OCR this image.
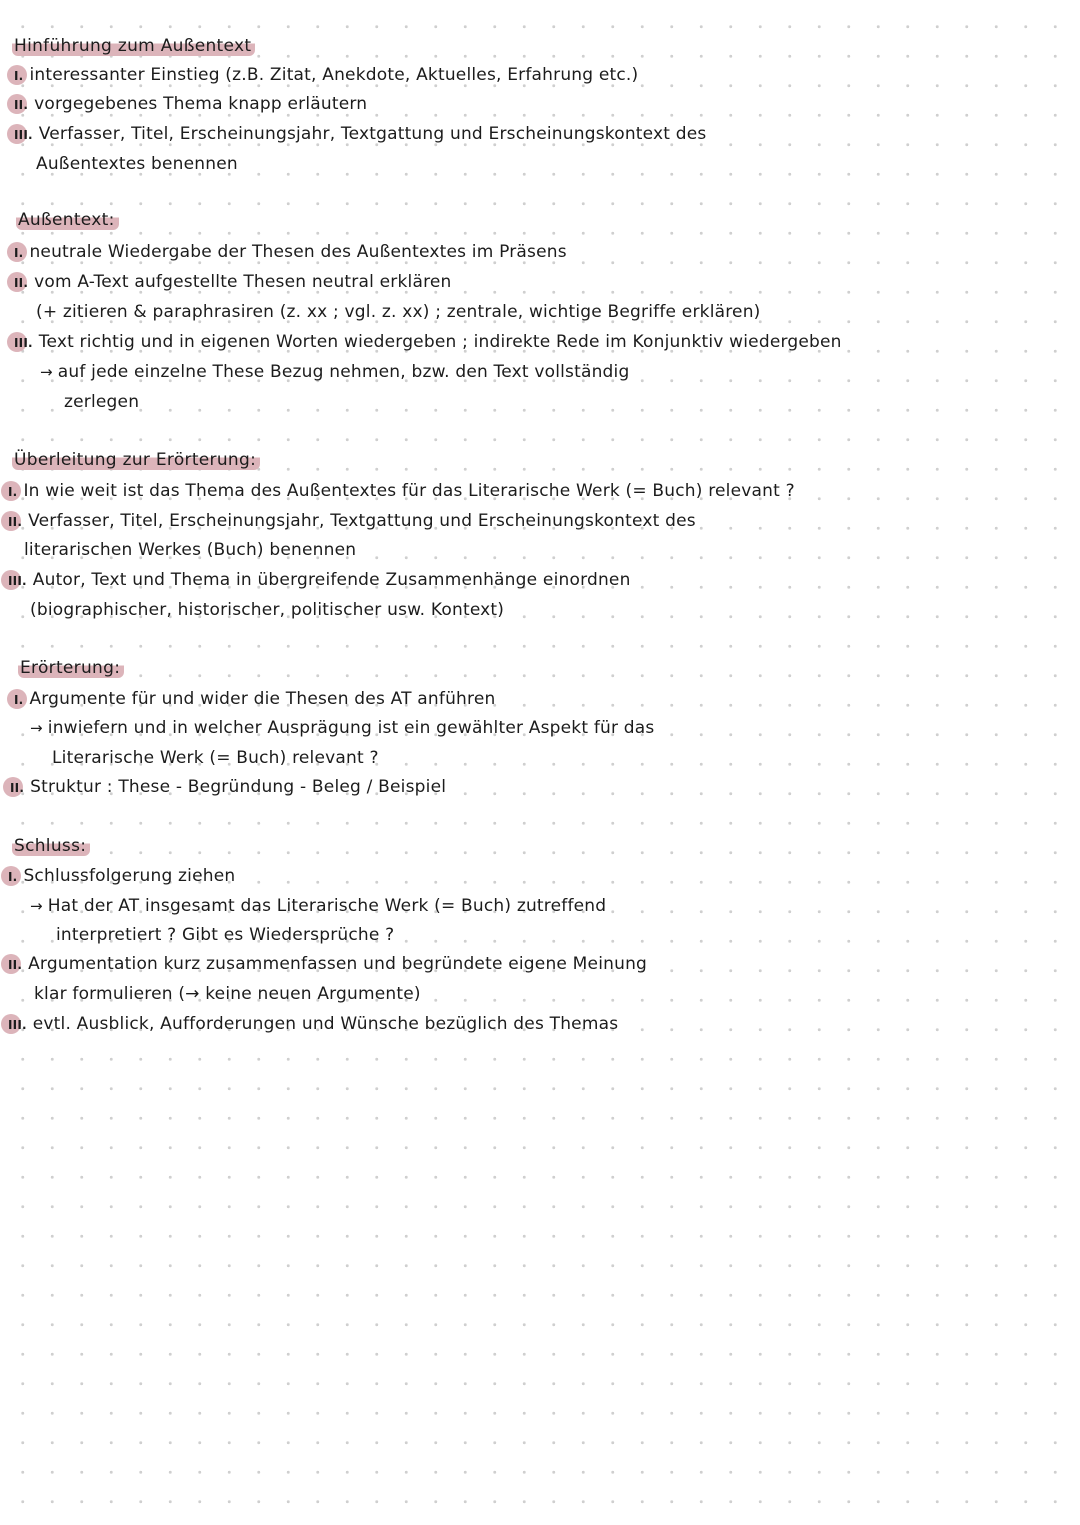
Hinführung zum Außentext
I. interessanter Einstieg (z.B. Zitat, Anekdote, Aktuelles, Erfahrung etc.)
II. vorgegebenes Thema knapp erläutern
III. Verfasser, Titel, Erscheinungsjahr, Textgattung und Erscheinungskontext des
Außentextes benennen
Außentext:
I. neutrale Wiedergabe der Thesen des Außentextes im Präsens
II. vom A-Text aufgestellte Thesen neutral erklären
(+ zitieren & paraphrasiren (z. xx ; vgl. z. xx) ; zentrale, wichtige Begriffe erklären)
III. Text richtig und in eigenen Worten wiedergeben ; indirekte Rede im Konjunktiv wiedergeben
→ auf jede einzelne These Bezug nehmen, bzw. den Text vollständig
zerlegen
Überleitung zur Erörterung:
I. In wie weit ist das Thema des Außentextes für das Literarische Werk (= Buch) relevant ?
II. Verfasser, Titel, Erscheinungsjahr, Textgattung und Erscheinungskontext des
literarischen Werkes (Buch) benennen
III. Autor, Text und Thema in übergreifende Zusammenhänge einordnen
(biographischer, historischer, politischer usw. Kontext)
Erörterung:
I. Argumente für und wider die Thesen des AT anführen
→ inwiefern und in welcher Ausprägung ist ein gewählter Aspekt für das
Literarische Werk (= Buch) relevant ?
II. Struktur : These - Begründung - Beleg / Beispiel
Schluss:
I. Schlussfolgerung ziehen
→ Hat der AT insgesamt das Literarische Werk (= Buch) zutreffend
interpretiert ? Gibt es Wiedersprüche ?
II. Argumentation kurz zusammenfassen und begründete eigene Meinung
klar formulieren (→ keine neuen Argumente)
III. evtl. Ausblick, Aufforderungen und Wünsche bezüglich des Themas
